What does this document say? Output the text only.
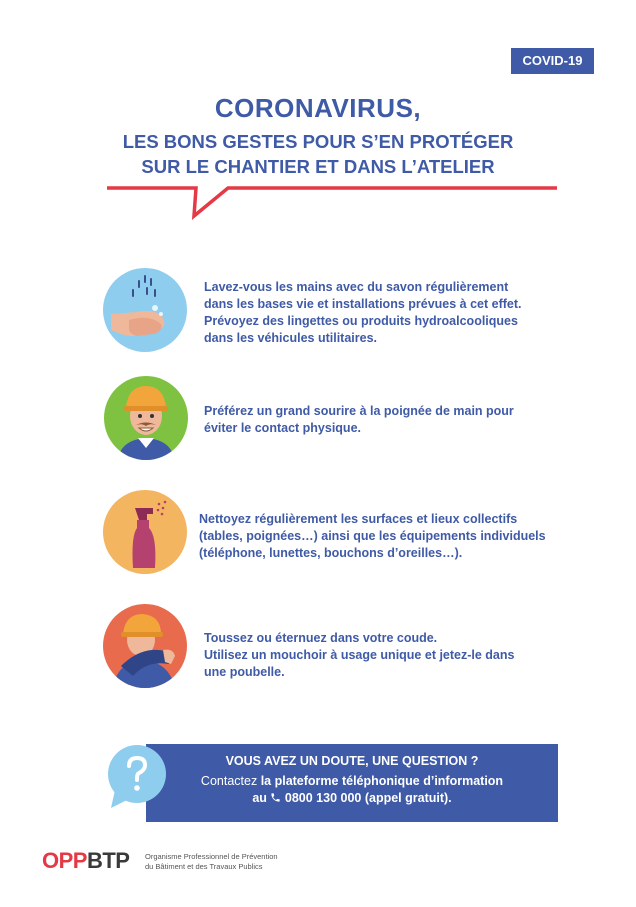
COVID-19
CORONAVIRUS,
LES BONS GESTES POUR S’EN PROTÉGER
SUR LE CHANTIER ET DANS L’ATELIER
Lavez-vous les mains avec du savon régulièrement
dans les bases vie et installations prévues à cet effet.
Prévoyez des lingettes ou produits hydroalcooliques
dans les véhicules utilitaires.
Préférez un grand sourire à la poignée de main pour
éviter le contact physique.
Nettoyez régulièrement les surfaces et lieux collectifs
(tables, poignées…) ainsi que les équipements individuels
(téléphone, lunettes, bouchons d’oreilles…).
Toussez ou éternuez dans votre coude.
Utilisez un mouchoir à usage unique et jetez-le dans
une poubelle.
VOUS AVEZ UN DOUTE, UNE QUESTION ?
Contactez la plateforme téléphonique d’information
au  0800 130 000 (appel gratuit).
OPPBTP Organisme Professionnel de Prévention
du Bâtiment et des Travaux Publics
